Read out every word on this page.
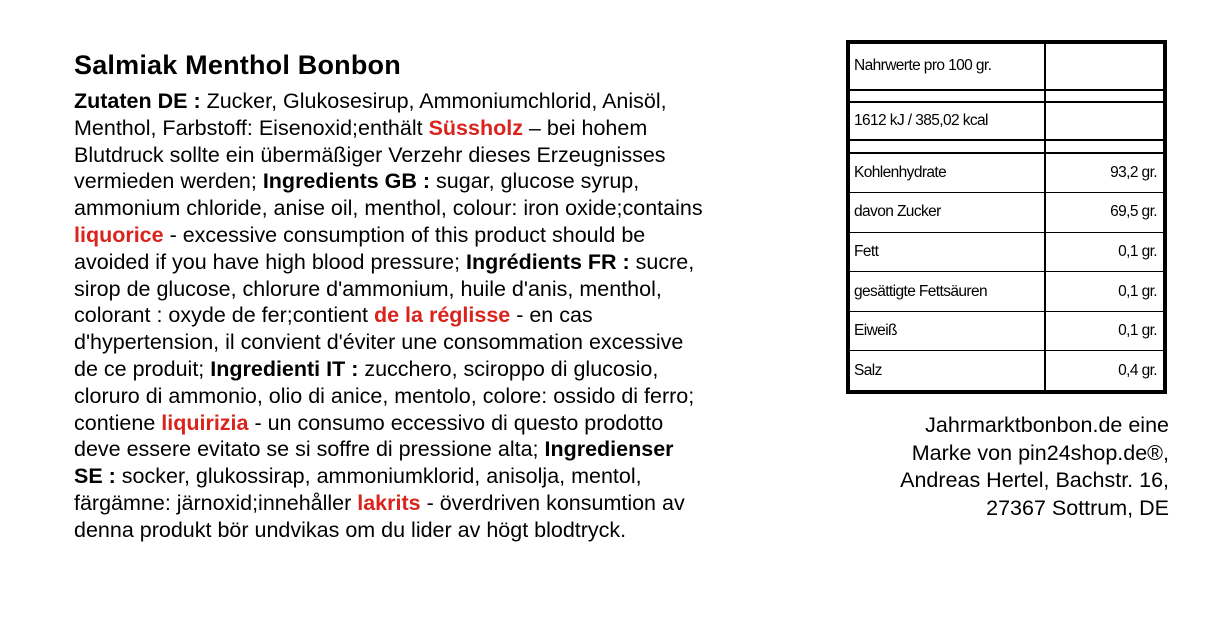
Salmiak Menthol Bonbon
Zutaten DE : Zucker, Glukosesirup, Ammoniumchlorid, Anisöl,
Menthol, Farbstoff: Eisenoxid;enthält Süssholz – bei hohem
Blutdruck sollte ein übermäßiger Verzehr dieses Erzeugnisses
vermieden werden; Ingredients GB : sugar, glucose syrup,
ammonium chloride, anise oil, menthol, colour: iron oxide;contains
liquorice - excessive consumption of this product should be
avoided if you have high blood pressure; Ingrédients FR : sucre,
sirop de glucose, chlorure d'ammonium, huile d'anis, menthol,
colorant : oxyde de fer;contient de la réglisse - en cas
d'hypertension, il convient d'éviter une consommation excessive
de ce produit; Ingredienti IT : zucchero, sciroppo di glucosio,
cloruro di ammonio, olio di anice, mentolo, colore: ossido di ferro;
contiene liquirizia - un consumo eccessivo di questo prodotto
deve essere evitato se si soffre di pressione alta; Ingredienser
SE : socker, glukossirap, ammoniumklorid, anisolja, mentol,
färgämne: järnoxid;innehåller lakrits - överdriven konsumtion av
denna produkt bör undvikas om du lider av högt blodtryck.
Nahrwerte pro 100 gr.	

1612 kJ / 385,02 kcal	

Kohlenhydrate	93,2 gr.
davon Zucker	69,5 gr.
Fett	0,1 gr.
gesättigte Fettsäuren	0,1 gr.
Eiweiß	0,1 gr.
Salz	0,4 gr.
Jahrmarktbonbon.de eine
Marke von pin24shop.de®,
Andreas Hertel, Bachstr. 16,
27367 Sottrum, DE
